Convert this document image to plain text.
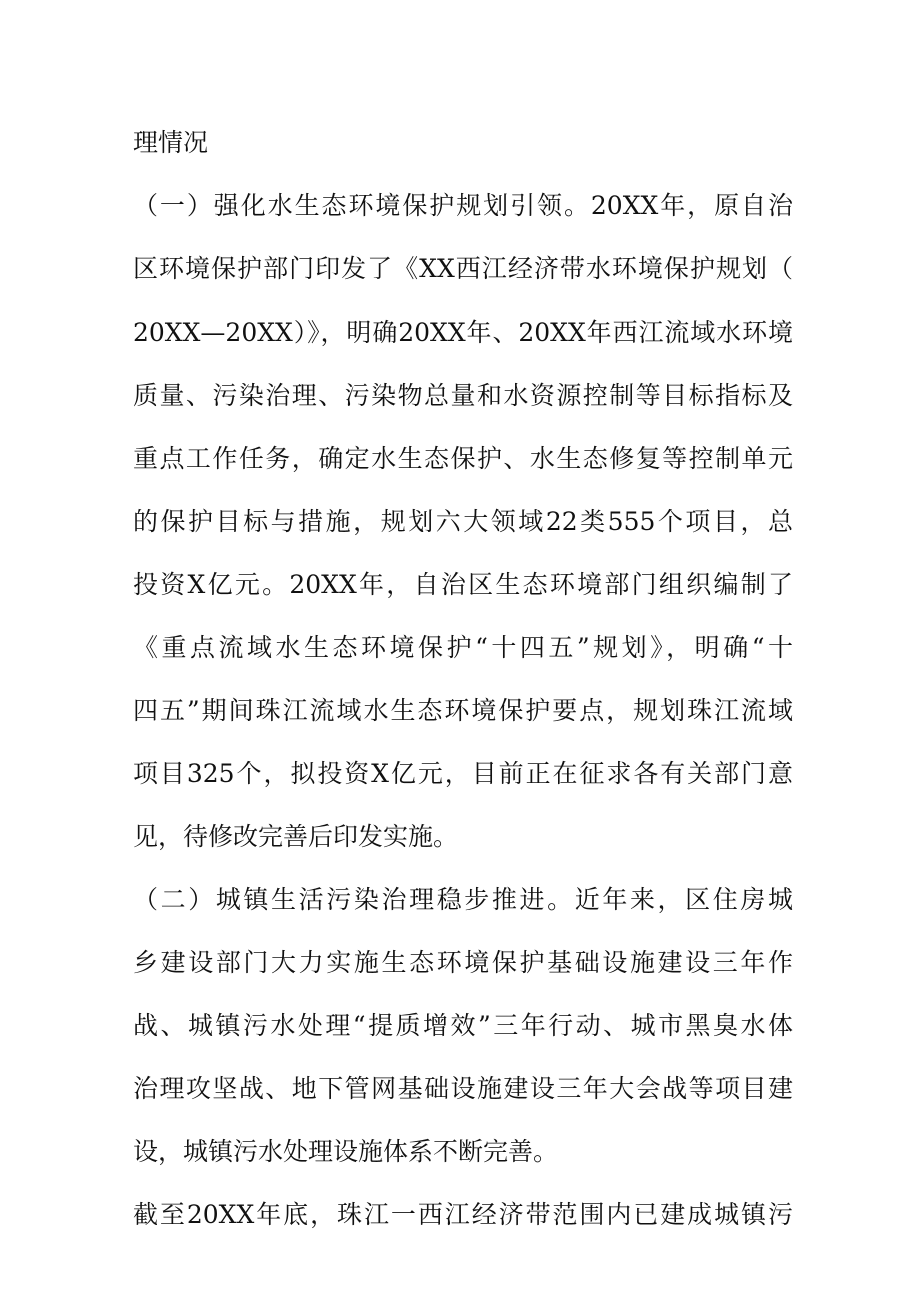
理情况
（一）强化水生态环境保护规划引领。20XX年，原自治
区环境保护部门印发了《XX西江经济带水环境保护规划（
20XX—20XX）》，明确20XX年、20XX年西江流域水环境
质量、污染治理、污染物总量和水资源控制等目标指标及
重点工作任务，确定水生态保护、水生态修复等控制单元
的保护目标与措施，规划六大领域22类555个项目，总
投资X亿元。20XX年，自治区生态环境部门组织编制了
《重点流域水生态环境保护“十四五”规划》，明确“十
四五”期间珠江流域水生态环境保护要点，规划珠江流域
项目325个，拟投资X亿元，目前正在征求各有关部门意
见，待修改完善后印发实施。
（二）城镇生活污染治理稳步推进。近年来，区住房城
乡建设部门大力实施生态环境保护基础设施建设三年作
战、城镇污水处理“提质增效”三年行动、城市黑臭水体
治理攻坚战、地下管网基础设施建设三年大会战等项目建
设，城镇污水处理设施体系不断完善。
截至20XX年底，珠江一西江经济带范围内已建成城镇污
